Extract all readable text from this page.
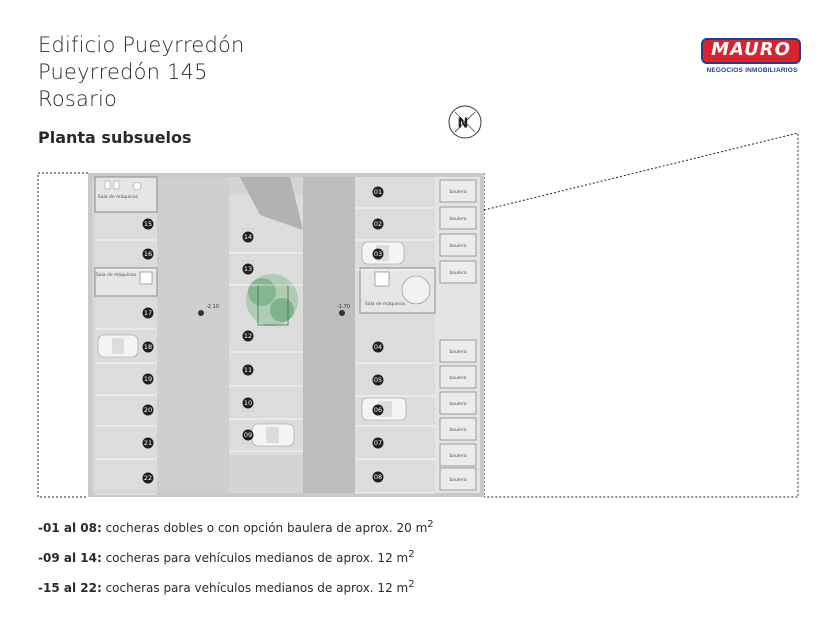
Edificio Pueyrredón
Pueyrredón 145
Rosario
Planta subsuelos
MAURO
NEGOCIOS INMOBILIARIOS
N
Sala de máquinas
Sala de máquinas
Sala de máquinas
baulera
baulera
baulera
baulera
baulera
baulera
baulera
baulera
baulera
baulera
-2.10	-1.70
15
16
17
18
19
20
21
22
14
13
12
11
10
09
01
02
03
04
05
06
07
08
-01 al 08: cocheras dobles o con opción baulera de aprox. 20 $m^2$
-09 al 14: cocheras para vehículos medianos de aprox. 12 $m^2$
-15 al 22: cocheras para vehículos medianos de aprox. 12 $m^2$
